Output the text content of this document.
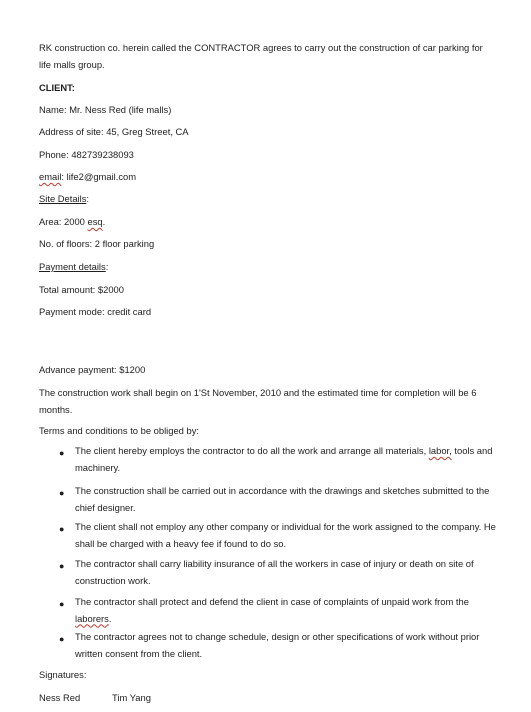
RK construction co. herein called the CONTRACTOR agrees to carry out the construction of car parking for life malls group.
CLIENT:
Name: Mr. Ness Red (life malls)
Address of site: 45, Greg Street, CA
Phone: 482739238093
email: life2@gmail.com
Site Details:
Area: 2000 esq.
No. of floors: 2 floor parking
Payment details:
Total amount: $2000
Payment mode: credit card
Advance payment: $1200
The construction work shall begin on 1'St November, 2010 and the estimated time for completion will be 6 months.
Terms and conditions to be obliged by:
● The client hereby employs the contractor to do all the work and arrange all materials, labor, tools and machinery.
● The construction shall be carried out in accordance with the drawings and sketches submitted to the chief designer.
● The client shall not employ any other company or individual for the work assigned to the company. He shall be charged with a heavy fee if found to do so.
● The contractor shall carry liability insurance of all the workers in case of injury or death on site of construction work.
● The contractor shall protect and defend the client in case of complaints of unpaid work from the laborers.
● The contractor agrees not to change schedule, design or other specifications of work without prior written consent from the client.
Signatures:
Ness Red	Tim Yang
